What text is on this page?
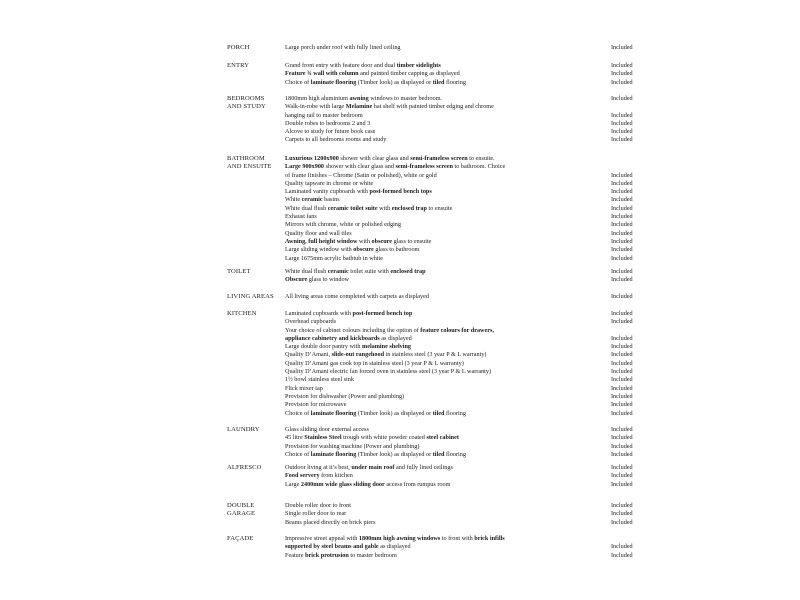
PORCH	Large porch under roof with fully lined ceiling	Included
ENTRY	Grand front entry with feature door and dual timber sidelights	Included
Feature ¾ wall with column and painted timber capping as displayed	Included
Choice of laminate flooring (Timber look) as displayed or tiled flooring	Included
BEDROOMS
AND STUDY
1800mm high aluminium awning windows to master bedroom.	Included
Walk-in-robe with large Melamine hat shelf with painted timber edging and chrome
hanging rail to master bedroom	Included
Double robes to bedrooms 2 and 3	Included
Alcove to study for future book case	Included
Carpets to all bedrooms rooms and study	Included
BATHROOM
AND ENSUITE
Luxurious 1200x900 shower with clear glass and semi-frameless screen to ensuite.
Large 900x900 shower with clear glass and semi-frameless screen to bathroom. Choice
of frame finishes – Chrome (Satin or polished), white or gold	Included
Quality tapware in chrome or white	Included
Laminated vanity cupboards with post-formed bench tops	Included
White ceramic basins	Included
White dual flush ceramic toilet suite with enclosed trap to ensuite	Included
Exhaust fans	Included
Mirrors with chrome, white or polished edging	Included
Quality floor and wall tiles	Included
Awning, full height window with obscure glass to ensuite	Included
Large sliding window with obscure glass to bathroom	Included
Large 1675mm acrylic bathtub in white	Included
TOILET	White dual flush ceramic toilet suite with enclosed trap	Included
Obscure glass to window	Included
LIVING AREAS	All living areas come completed with carpets as displayed	Included
KITCHEN	Laminated cupboards with post-formed bench top	Included
Overhead cupboards	Included
Your choice of cabinet colours including the option of feature colours for drawers,
appliance cabinetry and kickboards as displayed	Included
Large double door pantry with melamine shelving	Included
Quality D’Amani, slide-out rangehood in stainless steel (3 year P & L warranty)	Included
Quality D’Amani gas cook top in stainless steel (3 year P & L warranty)	Included
Quality D’Amani electric fan forced oven in stainless steel (3 year P & L warranty)	Included
1½ bowl stainless steel sink	Included
Flick mixer tap	Included
Provision for dishwasher (Power and plumbing)	Included
Provision for microwave	Included
Choice of laminate flooring (Timber look) as displayed or tiled flooring	Included
LAUNDRY	Glass sliding door external access	Included
45 litre Stainless Steel trough with white powder coated steel cabinet	Included
Provision for washing machine (Power and plumbing)	Included
Choice of laminate flooring (Timber look) as displayed or tiled flooring	Included
ALFRESCO	Outdoor living at it’s best, under main roof and fully lined ceilings	Included
Food servery from kitchen	Included
Large 2400mm wide glass sliding door access from rumpus room	Included
DOUBLE
GARAGE
Double roller door to front	Included
Single roller door to rear	Included
Beams placed directly on brick piers	Included
FAÇADE	Impressive street appeal with 1800mm high awning windows to front with brick infills
supported by steel beams and gable as displayed	Included
Feature brick protrusion to master bedroom	Included
